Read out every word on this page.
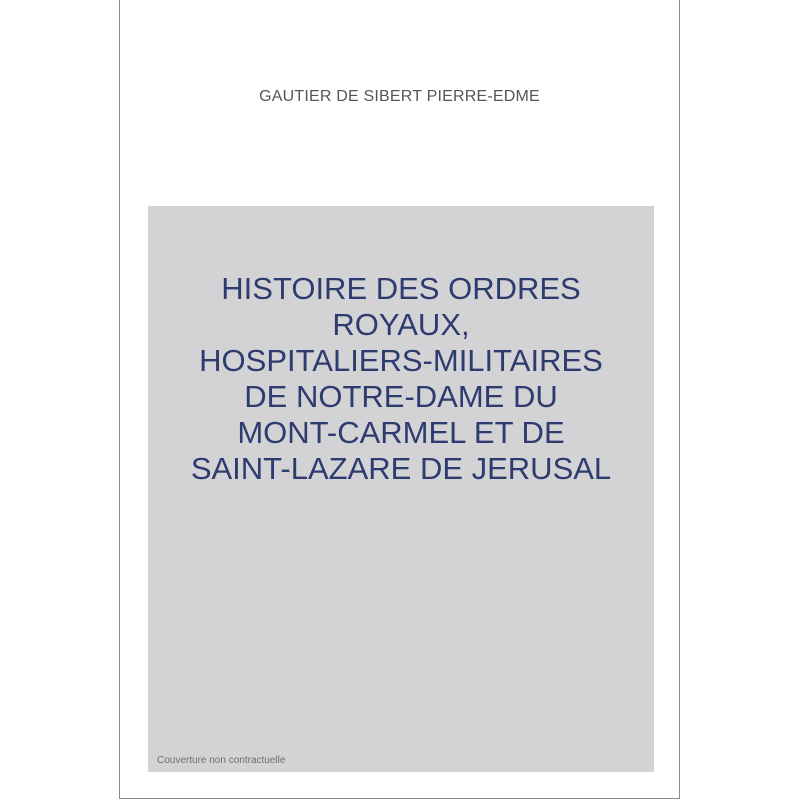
GAUTIER DE SIBERT PIERRE-EDME
HISTOIRE DES ORDRES
ROYAUX,
HOSPITALIERS-MILITAIRES
DE NOTRE-DAME DU
MONT-CARMEL ET DE
SAINT-LAZARE DE JERUSAL
Couverture non contractuelle
